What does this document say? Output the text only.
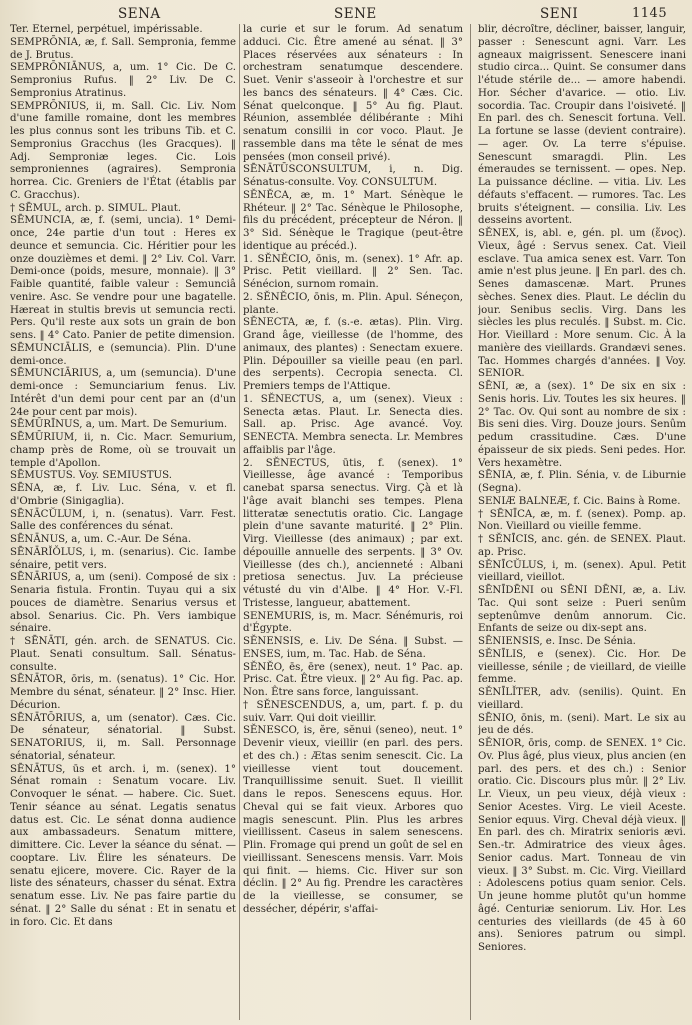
SENA	SENE	SENI	1145

Ter. Eternel, perpétuel, impérissable.

SEMPRŌNIA, æ, f. Sall. Sempronia, femme de J. Brutus.

SEMPRŌNIĀNUS, a, um. 1° Cic. De C. Sempronius Rufus. ‖ 2° Liv. De C. Sempronius Atratinus.

SEMPRŌNIUS, ii, m. Sall. Cic. Liv. Nom d'une famille romaine, dont les membres les plus connus sont les tribuns Tib. et C. Sempronius Gracchus (les Gracques). ‖ Adj. Semproniæ leges. Cic. Lois semproniennes (agraires). Sempronia horrea. Cic. Greniers de l'État (établis par C. Gracchus).

† SĒMUL, arch. p. SIMUL. Plaut.

SĒMUNCIA, æ, f. (semi, uncia). 1° Demi-once, 24e partie d'un tout : Heres ex deunce et semuncia. Cic. Héritier pour les onze douzièmes et demi. ‖ 2° Liv. Col. Varr. Demi-once (poids, mesure, monnaie). ‖ 3° Faible quantité, faible valeur : Semunciâ venire. Asc. Se vendre pour une bagatelle. Hæreat in stultis brevis ut semuncia recti. Pers. Qu'il reste aux sots un grain de bon sens. ‖ 4° Cato. Panier de petite dimension.

SĒMUNCIĀLIS, e (semuncia). Plin. D'une demi-once.

SĒMUNCIĀRIUS, a, um (semuncia). D'une demi-once : Semunciarium fenus. Liv. Intérêt d'un demi pour cent par an (d'un 24e pour cent par mois).

SĒMŪRĪNUS, a, um. Mart. De Semurium.

SĒMŪRIUM, ii, n. Cic. Macr. Semurium, champ près de Rome, où se trouvait un temple d'Apollon.

SĒMUSTUS. Voy. SEMIUSTUS.

SĒNA, æ, f. Liv. Luc. Séna, v. et fl. d'Ombrie (Sinigaglia).

SĒNĀCŬLUM, i, n. (senatus). Varr. Fest. Salle des conférences du sénat.

SĒNĀNUS, a, um. C.-Aur. De Séna.

SĒNĀRĬŎLUS, i, m. (senarius). Cic. Iambe sénaire, petit vers.

SĒNĀRIUS, a, um (seni). Composé de six : Senaria fistula. Frontin. Tuyau qui a six pouces de diamètre. Senarius versus et absol. Senarius. Cic. Ph. Vers iambique sénaire.

† SĒNĀTI, gén. arch. de SENATUS. Cic. Plaut. Senati consultum. Sall. Sénatus-consulte.

SĒNĀTOR, ōris, m. (senatus). 1° Cic. Hor. Membre du sénat, sénateur. ‖ 2° Insc. Hier. Décurion.

SĒNĀTŌRIUS, a, um (senator). Cæs. Cic. De sénateur, sénatorial. ‖ Subst. SENATORIUS, ii, m. Sall. Personnage sénatorial, sénateur.

SĒNĀTUS, ūs et arch. i, m. (senex). 1° Sénat romain : Senatum vocare. Liv. Convoquer le sénat. — habere. Cic. Suet. Tenir séance au sénat. Legatis senatus datus est. Cic. Le sénat donna audience aux ambassadeurs. Senatum mittere, dimittere. Cic. Lever la séance du sénat. — cooptare. Liv. Élire les sénateurs. De senatu ejicere, movere. Cic. Rayer de la liste des sénateurs, chasser du sénat. Extra senatum esse. Liv. Ne pas faire partie du sénat. ‖ 2° Salle du sénat : Et in senatu et in foro. Cic. Et dans

la curie et sur le forum. Ad senatum adduci. Cic. Être amené au sénat. ‖ 3° Places réservées aux sénateurs : In orchestram senatumque descendere. Suet. Venir s'asseoir à l'orchestre et sur les bancs des sénateurs. ‖ 4° Cæs. Cic. Sénat quelconque. ‖ 5° Au fig. Plaut. Réunion, assemblée délibérante : Mihi senatum consilii in cor voco. Plaut. Je rassemble dans ma tête le sénat de mes pensées (mon conseil privé).

SĒNĀTŪSCONSULTUM, i, n. Dig. Sénatus-consulte. Voy. CONSULTUM.

SĔNĔCA, æ, m. 1° Mart. Sénèque le Rhéteur. ‖ 2° Tac. Sénèque le Philosophe, fils du précédent, précepteur de Néron. ‖ 3° Sid. Sénèque le Tragique (peut-être identique au précéd.).

1. SĔNĔCIO, ōnis, m. (senex). 1° Afr. ap. Prisc. Petit vieillard. ‖ 2° Sen. Tac. Sénécion, surnom romain.

2. SĔNĔCIO, ōnis, m. Plin. Apul. Séneçon, plante.

SĔNECTA, æ, f. (s.-e. ætas). Plin. Virg. Grand âge, vieillesse (de l'homme, des animaux, des plantes) : Senectam exuere. Plin. Dépouiller sa vieille peau (en parl. des serpents). Cecropia senecta. Cl. Premiers temps de l'Attique.

1. SĔNECTUS, a, um (senex). Vieux : Senecta ætas. Plaut. Lr. Senecta dies. Sall. ap. Prisc. Age avancé. Voy. SENECTA. Membra senecta. Lr. Membres affaiblis par l'âge.

2. SĔNECTUS, ūtis, f. (senex). 1° Vieillesse, âge avancé : Temporibus canebat sparsa senectus. Virg. Çà et là l'âge avait blanchi ses tempes. Plena litteratæ senectutis oratio. Cic. Langage plein d'une savante maturité. ‖ 2° Plin. Virg. Vieillesse (des animaux) ; par ext. dépouille annuelle des serpents. ‖ 3° Ov. Vieillesse (des ch.), ancienneté : Albani pretiosa senectus. Juv. La précieuse vétusté du vin d'Albe. ‖ 4° Hor. V.-Fl. Tristesse, langueur, abattement.

SENEMURIS, is, m. Macr. Sénémuris, roi d'Égypte.

SĔNENSIS, e. Liv. De Séna. ‖ Subst. — ENSES, ium, m. Tac. Hab. de Séna.

SĔNĔO, ēs, ēre (senex), neut. 1° Pac. ap. Prisc. Cat. Être vieux. ‖ 2° Au fig. Pac. ap. Non. Être sans force, languissant.

† SĔNESCENDUS, a, um, part. f. p. du suiv. Varr. Qui doit vieillir.

SĔNESCO, is, ĕre, sĕnui (seneo), neut. 1° Devenir vieux, vieillir (en parl. des pers. et des ch.) : Ætas senim senescit. Cic. La vieillesse vient tout doucement. Tranquillissime senuit. Suet. Il vieillit dans le repos. Senescens equus. Hor. Cheval qui se fait vieux. Arbores quo magis senescunt. Plin. Plus les arbres vieillissent. Caseus in salem senescens. Plin. Fromage qui prend un goût de sel en vieillissant. Senescens mensis. Varr. Mois qui finit. — hiems. Cic. Hiver sur son déclin. ‖ 2° Au fig. Prendre les caractères de la vieillesse, se consumer, se dessécher, dépérir, s'affai-

blir, décroître, décliner, baisser, languir, passer : Senescunt agni. Varr. Les agneaux maigrissent. Senescere inani studio circa... Quint. Se consumer dans l'étude stérile de... — amore habendi. Hor. Sécher d'avarice. — otio. Liv. socordia. Tac. Croupir dans l'oisiveté. ‖ En parl. des ch. Senescit fortuna. Vell. La fortune se lasse (devient contraire). — ager. Ov. La terre s'épuise. Senescunt smaragdi. Plin. Les émeraudes se ternissent. — opes. Nep. La puissance décline. — vitia. Liv. Les défauts s'effacent. — rumores. Tac. Les bruits s'éteignent. — consilia. Liv. Les desseins avortent.

SĔNEX, is, abl. e, gén. pl. um (ἕνος). Vieux, âgé : Servus senex. Cat. Vieil esclave. Tua amica senex est. Varr. Ton amie n'est plus jeune. ‖ En parl. des ch. Senes damascenæ. Mart. Prunes sèches. Senex dies. Plaut. Le déclin du jour. Senibus seclis. Virg. Dans les siècles les plus reculés. ‖ Subst. m. Cic. Hor. Vieillard : More senum. Cic. À la manière des vieillards. Grandævi senes. Tac. Hommes chargés d'années. ‖ Voy. SENIOR.

SĒNI, æ, a (sex). 1° De six en six : Senis horis. Liv. Toutes les six heures. ‖ 2° Tac. Ov. Qui sont au nombre de six : Bis seni dies. Virg. Douze jours. Senûm pedum crassitudine. Cæs. D'une épaisseur de six pieds. Seni pedes. Hor. Vers hexamètre.

SĒNIA, æ, f. Plin. Sénia, v. de Liburnie (Segna).

SENIÆ BALNEÆ, f. Cic. Bains à Rome.

† SĒNĪCA, æ, m. f. (senex). Pomp. ap. Non. Vieillard ou vieille femme.

† SĔNĪCIS, anc. gén. de SENEX. Plaut. ap. Prisc.

SĔNĪCŬLUS, i, m. (senex). Apul. Petit vieillard, vieillot.

SĒNĪDĒNI ou SĒNI DĒNI, æ, a. Liv. Tac. Qui sont seize : Pueri senûm septenûmve denûm annorum. Cic. Enfants de seize ou dix-sept ans.

SĒNIENSIS, e. Insc. De Sénia.

SĔNĪLIS, e (senex). Cic. Hor. De vieillesse, sénile ; de vieillard, de vieille femme.

SĔNĪLĬTER, adv. (senilis). Quint. En vieillard.

SĒNIO, ōnis, m. (seni). Mart. Le six au jeu de dés.

SĔNIOR, ōris, comp. de SENEX. 1° Cic. Ov. Plus âgé, plus vieux, plus ancien (en parl. des pers. et des ch.) : Senior oratio. Cic. Discours plus mûr. ‖ 2° Liv. Lr. Vieux, un peu vieux, déjà vieux : Senior Acestes. Virg. Le vieil Aceste. Senior equus. Virg. Cheval déjà vieux. ‖ En parl. des ch. Miratrix senioris ævi. Sen.-tr. Admiratrice des vieux âges. Senior cadus. Mart. Tonneau de vin vieux. ‖ 3° Subst. m. Cic. Virg. Vieillard : Adolescens potius quam senior. Cels. Un jeune homme plutôt qu'un homme âgé. Centuriæ seniorum. Liv. Hor. Les centuries des vieillards (de 45 à 60 ans). Seniores patrum ou simpl. Seniores.
